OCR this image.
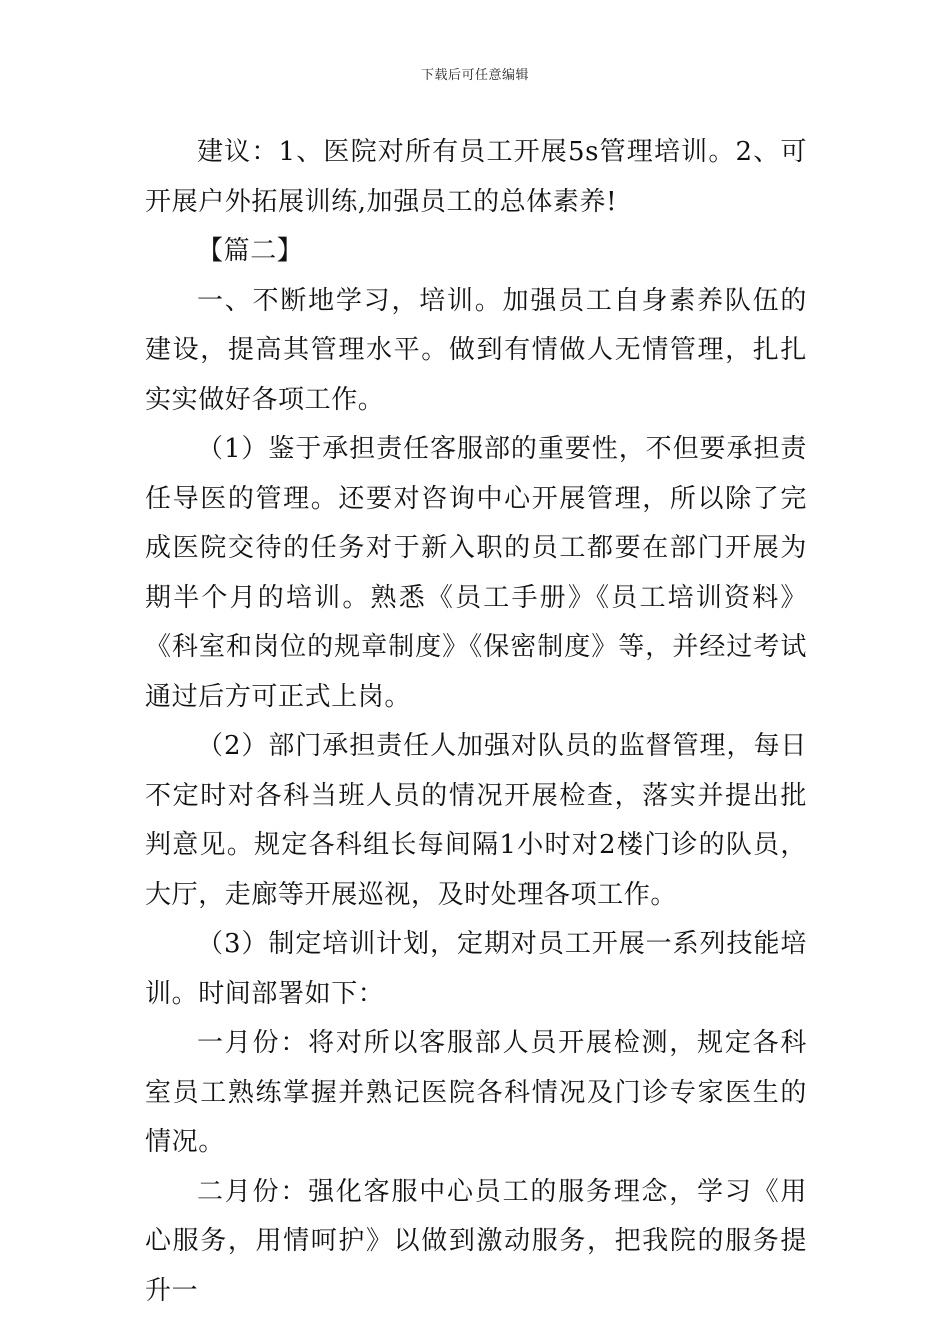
下载后可任意编辑

建议：1、医院对所有员工开展5s管理培训。2、可开展户外拓展训练,加强员工的总体素养!

【篇二】

一、不断地学习，培训。加强员工自身素养队伍的建设，提高其管理水平。做到有情做人无情管理，扎扎实实做好各项工作。

（1）鉴于承担责任客服部的重要性，不但要承担责任导医的管理。还要对咨询中心开展管理，所以除了完成医院交待的任务对于新入职的员工都要在部门开展为期半个月的培训。熟悉《员工手册》《员工培训资料》《科室和岗位的规章制度》《保密制度》等，并经过考试通过后方可正式上岗。

（2）部门承担责任人加强对队员的监督管理，每日不定时对各科当班人员的情况开展检查，落实并提出批判意见。规定各科组长每间隔1小时对2楼门诊的队员，大厅，走廊等开展巡视，及时处理各项工作。

（3）制定培训计划，定期对员工开展一系列技能培训。时间部署如下：

一月份：将对所以客服部人员开展检测，规定各科室员工熟练掌握并熟记医院各科情况及门诊专家医生的情况。

二月份：强化客服中心员工的服务理念，学习《用心服务，用情呵护》以做到激动服务，把我院的服务提升一
